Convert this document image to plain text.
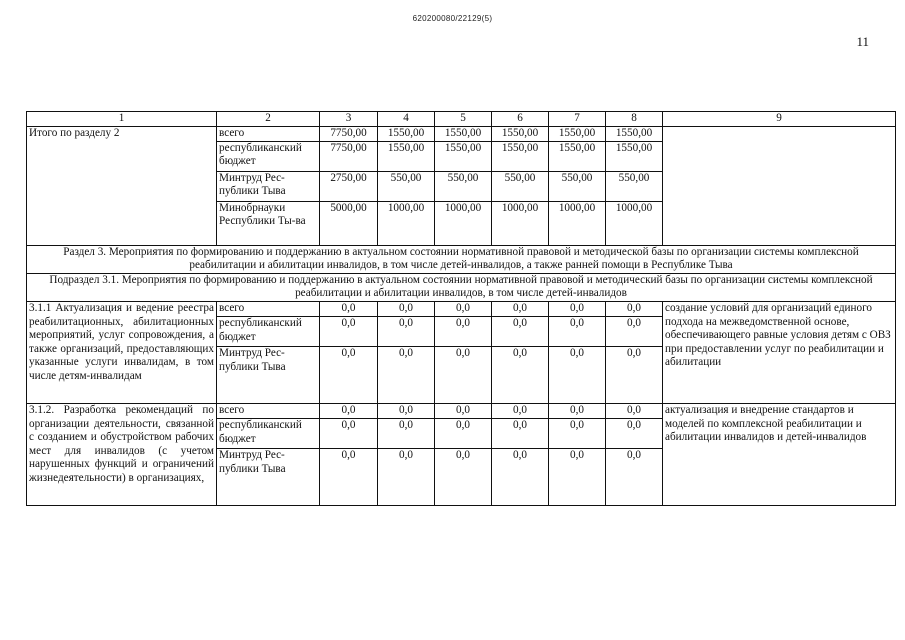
620200080/22129(5)
11
1	2	3	4	5	6	7	8	9
Итого по разделу 2	всего	7750,00	1550,00	1550,00	1550,00	1550,00	1550,00	
	республиканский бюджет	7750,00	1550,00	1550,00	1550,00	1550,00	1550,00	
	Минтруд Рес-публики Тыва	2750,00	550,00	550,00	550,00	550,00	550,00	
	Минобрнауки Республики Ты-ва	5000,00	1000,00	1000,00	1000,00	1000,00	1000,00	
Раздел 3. Мероприятия по формированию и поддержанию в актуальном состоянии нормативной правовой и методической базы по организации системы комплексной реабилитации и абилитации инвалидов, в том числе детей-инвалидов, а также ранней помощи в Республике Тыва								
Подраздел 3.1. Мероприятия по формированию и поддержанию в актуальном состоянии нормативной правовой и методический базы по организации системы комплексной реабилитации и абилитации инвалидов, в том числе детей-инвалидов								
3.1.1 Актуализация и ведение реестра реабилитационных, абилитационных мероприятий, услуг сопровождения, а также организаций, предоставляющих указанные услуги инвалидам, в том числе детям-инвалидам	всего	0,0	0,0	0,0	0,0	0,0	0,0	создание условий для организаций единого подхода на межведомственной основе, обеспечивающего равные условия детям с ОВЗ при предоставлении услуг по реабилитации и абилитации
	республиканский бюджет	0,0	0,0	0,0	0,0	0,0	0,0	
	Минтруд Рес-публики Тыва	0,0	0,0	0,0	0,0	0,0	0,0	
3.1.2. Разработка рекомендаций по организации деятельности, связанной с созданием и обустройством рабочих мест для инвалидов (с учетом нарушенных функций и ограничений жизнедеятельности) в организациях,	всего	0,0	0,0	0,0	0,0	0,0	0,0	актуализация и внедрение стандартов и моделей по комплексной реабилитации и абилитации инвалидов и детей-инвалидов
	республиканский бюджет	0,0	0,0	0,0	0,0	0,0	0,0	
	Минтруд Рес-публики Тыва	0,0	0,0	0,0	0,0	0,0	0,0	
